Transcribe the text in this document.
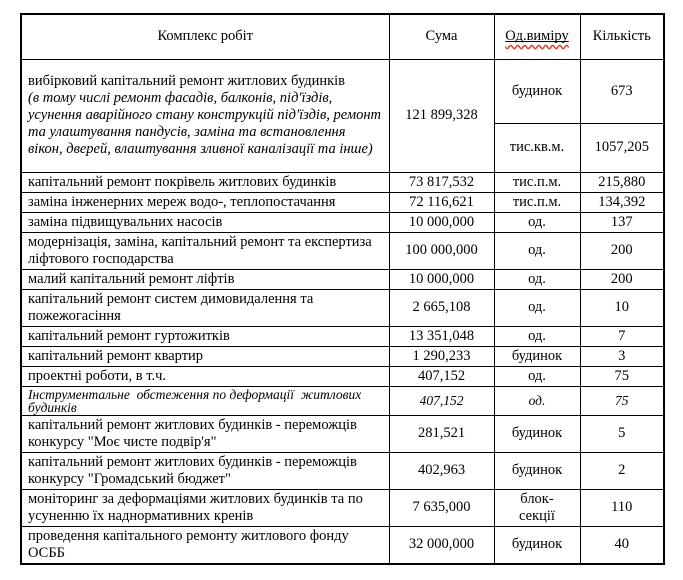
Комплекс робіт	Сума	Од.виміру	Кількість

вибірковий капітальний ремонт житлових будинків
(в тому числі ремонт фасадів, балконів, під'їздів, усунення аварійного стану конструкцій під'їздів, ремонт та улаштування пандусів, заміна та встановлення вікон, дверей, влаштування зливної каналізації та інше)	121 899,328	будинок	673
		тис.кв.м.	1057,205
капітальний ремонт покрівель житлових будинків	73 817,532	тис.п.м.	215,880
заміна інженерних мереж водо-, теплопостачання	72 116,621	тис.п.м.	134,392
заміна підвищувальних насосів	10 000,000	од.	137
модернізація, заміна, капітальний ремонт та експертиза ліфтового господарства	100 000,000	од.	200
малий капітальний ремонт ліфтів	10 000,000	од.	200
капітальний ремонт систем димовидалення та пожежогасіння	2 665,108	од.	10
капітальний ремонт гуртожитків	13 351,048	од.	7
капітальний ремонт квартир	1 290,233	будинок	3
проектні роботи, в т.ч.	407,152	од.	75
Інструментальне  обстеження по деформації  житлових будинків	407,152	од.	75
капітальний ремонт житлових будинків - переможців конкурсу "Моє чисте подвір'я"	281,521	будинок	5
капітальний ремонт житлових будинків - переможців конкурсу "Громадський бюджет"	402,963	будинок	2
моніторинг за деформаціями житлових будинків та по усуненню їх наднормативних кренів	7 635,000	блок-секції	110
проведення капітального ремонту житлового фонду ОСББ	32 000,000	будинок	40
